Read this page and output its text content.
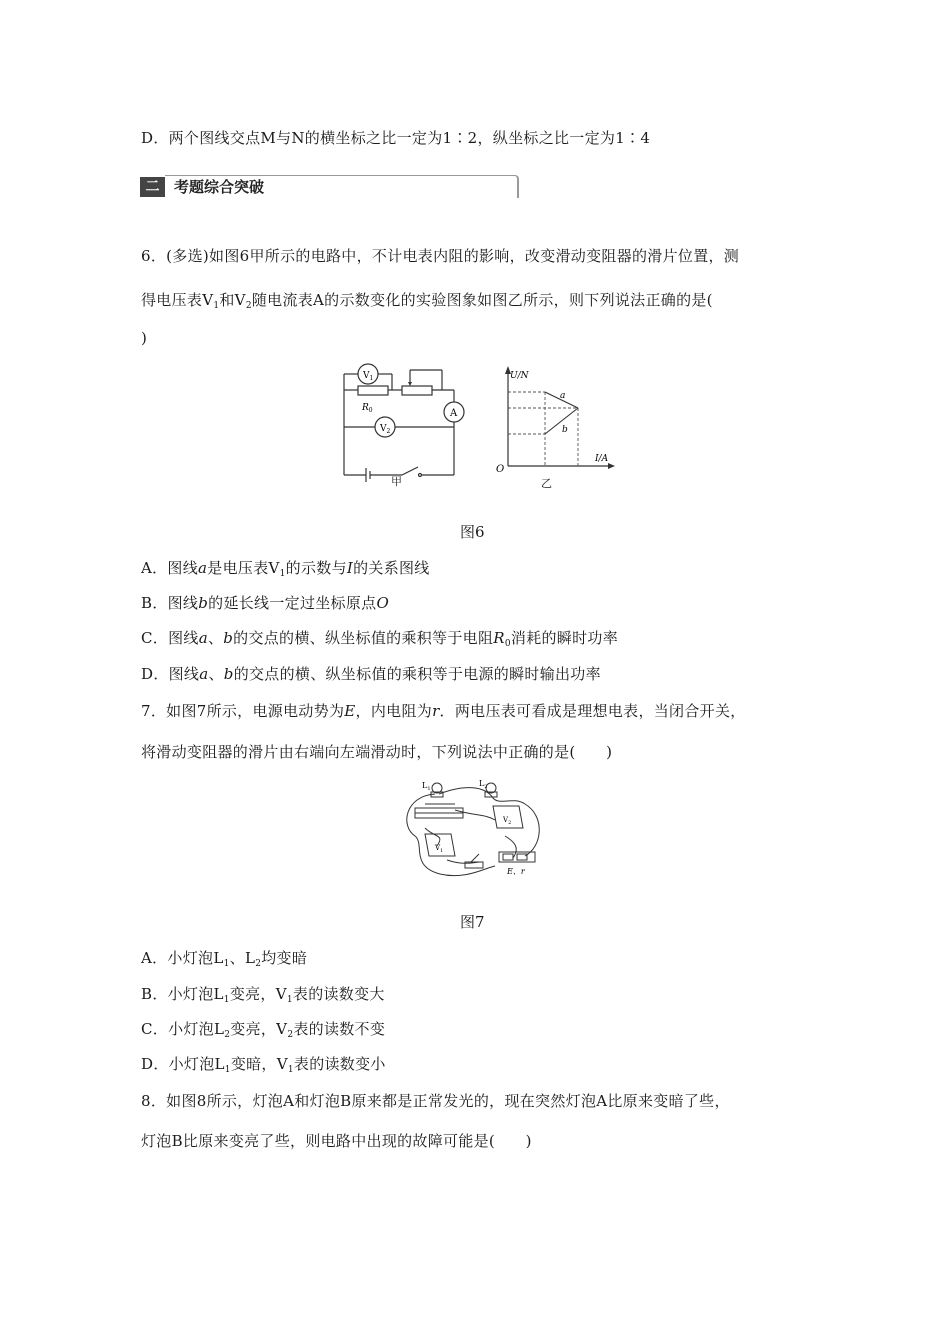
D．两个图线交点M与N的横坐标之比一定为1∶2，纵坐标之比一定为1∶4
二 考题综合突破
6．(多选)如图6甲所示的电路中，不计电表内阻的影响，改变滑动变阻器的滑片位置，测
得电压表$V_1$和$V_2$随电流表A的示数变化的实验图象如图乙所示，则下列说法正确的是(
)
$V_1$
$R_0$	A
$V_2$
甲
U/N
I/A
O
a
b
乙
图6
A．图线a是电压表$V_1$的示数与I的关系图线
B．图线b的延长线一定过坐标原点O
C．图线a、b的交点的横、纵坐标值的乘积等于电阻$R_0$消耗的瞬时功率
D．图线a、b的交点的横、纵坐标值的乘积等于电源的瞬时输出功率
7．如图7所示，电源电动势为E，内电阻为r．两电压表可看成是理想电表，当闭合开关，
将滑动变阻器的滑片由右端向左端滑动时，下列说法中正确的是(　　)
$L_1$
$L_2$
$V_2$
$V_1$
E、r
图7
A．小灯泡$L_1$、$L_2$均变暗
B．小灯泡$L_1$变亮，$V_1$表的读数变大
C．小灯泡$L_2$变亮，$V_2$表的读数不变
D．小灯泡$L_1$变暗，$V_1$表的读数变小
8．如图8所示，灯泡A和灯泡B原来都是正常发光的，现在突然灯泡A比原来变暗了些，
灯泡B比原来变亮了些，则电路中出现的故障可能是(　　)
